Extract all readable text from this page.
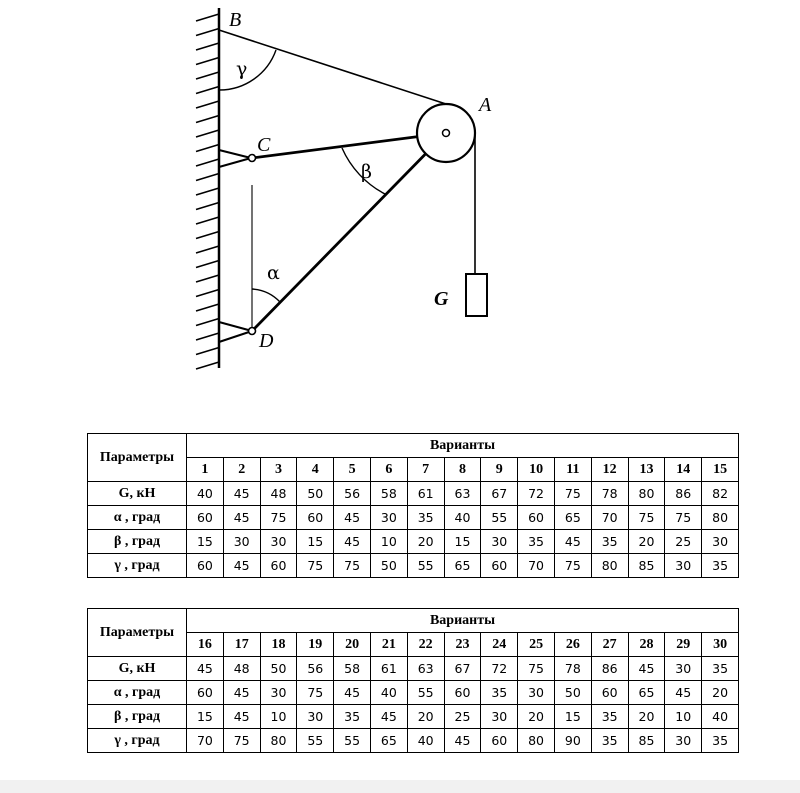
B
A
C
D
G
γ
β
α
Параметры	Варианты														
	1	2	3	4	5	6	7	8	9	10	11	12	13	14	15
G, кН	40	45	48	50	56	58	61	63	67	72	75	78	80	86	82
α , град	60	45	75	60	45	30	35	40	55	60	65	70	75	75	80
β , град	15	30	30	15	45	10	20	15	30	35	45	35	20	25	30
γ , град	60	45	60	75	75	50	55	65	60	70	75	80	85	30	35
Параметры	Варианты														
	16	17	18	19	20	21	22	23	24	25	26	27	28	29	30
G, кН	45	48	50	56	58	61	63	67	72	75	78	86	45	30	35
α , град	60	45	30	75	45	40	55	60	35	30	50	60	65	45	20
β , град	15	45	10	30	35	45	20	25	30	20	15	35	20	10	40
γ , град	70	75	80	55	55	65	40	45	60	80	90	35	85	30	35
